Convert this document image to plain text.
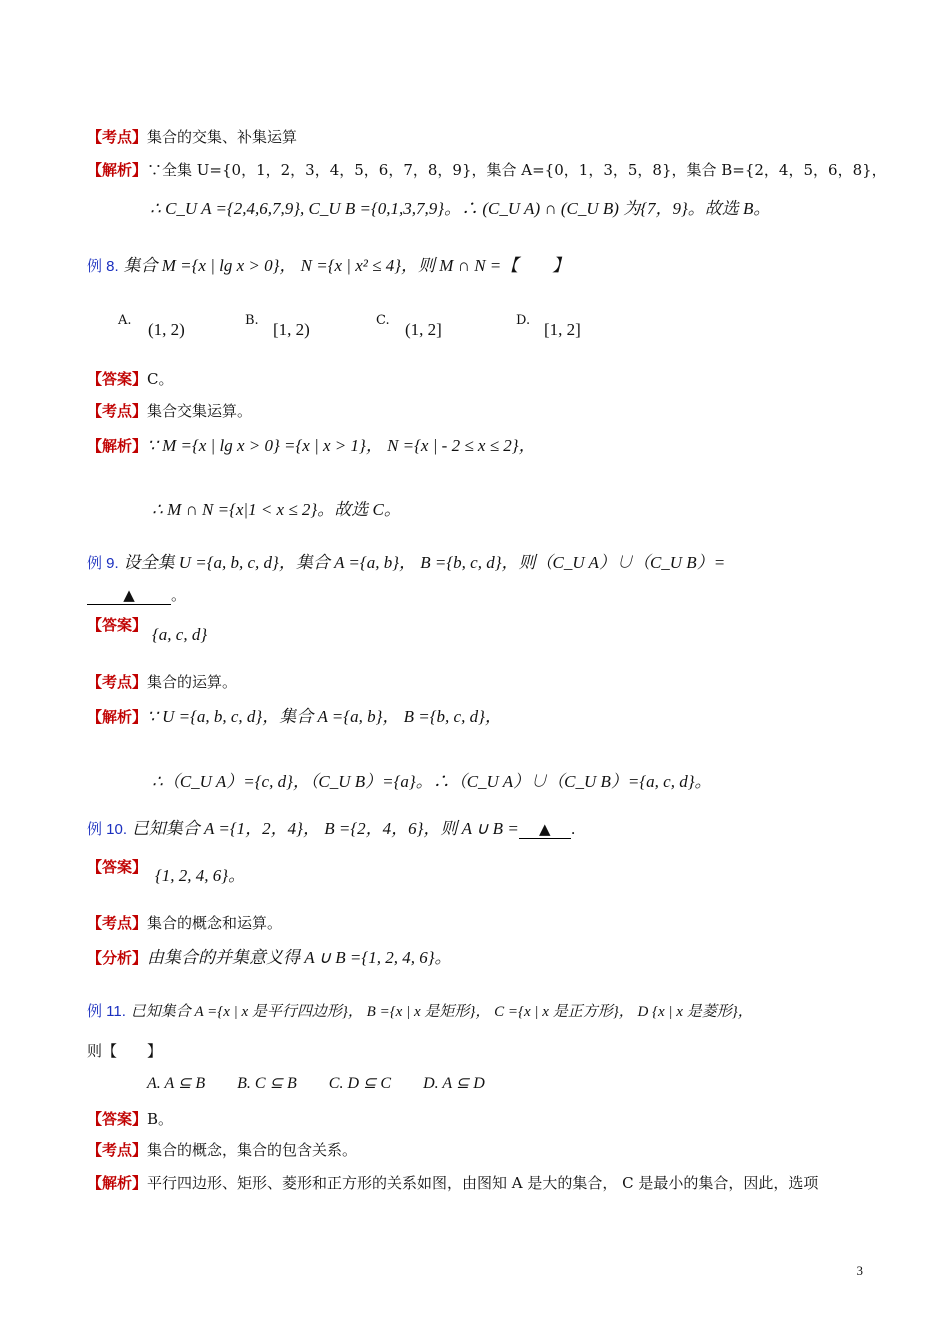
【考点】集合的交集、补集运算
【解析】∵全集 U={0，1，2，3，4，5，6，7，8，9}，集合 A={0，1，3，5，8}，集合 B={2，4，5，6，8}，
∴ C_U A ={2,4,6,7,9}, C_U B ={0,1,3,7,9}。∴ (C_U A) ∩ (C_U B) 为{7，9}。故选 B。
例 8. 集合 M ={x | lg x > 0}， N ={x | x² ≤ 4}，则 M ∩ N =【　　】
A. (1, 2)	B. [1, 2)	C. (1, 2]	D. [1, 2]
【答案】C。
【考点】集合交集运算。
【解析】∵ M ={x | lg x > 0} ={x | x > 1}， N ={x | - 2 ≤ x ≤ 2}，
∴ M ∩ N ={x|1 < x ≤ 2}。故选 C。
例 9. 设全集 U ={a, b, c, d}，集合 A ={a, b}， B ={b, c, d}，则（C_U A）∪（C_U B）=
▲ 。
【答案】 {a, c, d}
【考点】集合的运算。
【解析】∵ U ={a, b, c, d}，集合 A ={a, b}， B ={b, c, d}，
∴（C_U A）={c, d}，（C_U B）={a}。∴（C_U A）∪（C_U B）={a, c, d}。
例 10. 已知集合 A ={1，2，4}， B ={2，4，6}，则 A ∪ B = ▲ .
【答案】 {1, 2, 4, 6}。
【考点】集合的概念和运算。
【分析】由集合的并集意义得 A ∪ B ={1, 2, 4, 6}。
例 11. 已知集合 A ={x | x 是平行四边形}， B ={x | x 是矩形}， C ={x | x 是正方形}， D {x | x 是菱形}，
则【　　】
A. A ⊆ B　　B. C ⊆ B　　C. D ⊆ C　　D. A ⊆ D
【答案】B。
【考点】集合的概念，集合的包含关系。
【解析】平行四边形、矩形、菱形和正方形的关系如图，由图知 A 是大的集合， C 是最小的集合，因此，选项
3
